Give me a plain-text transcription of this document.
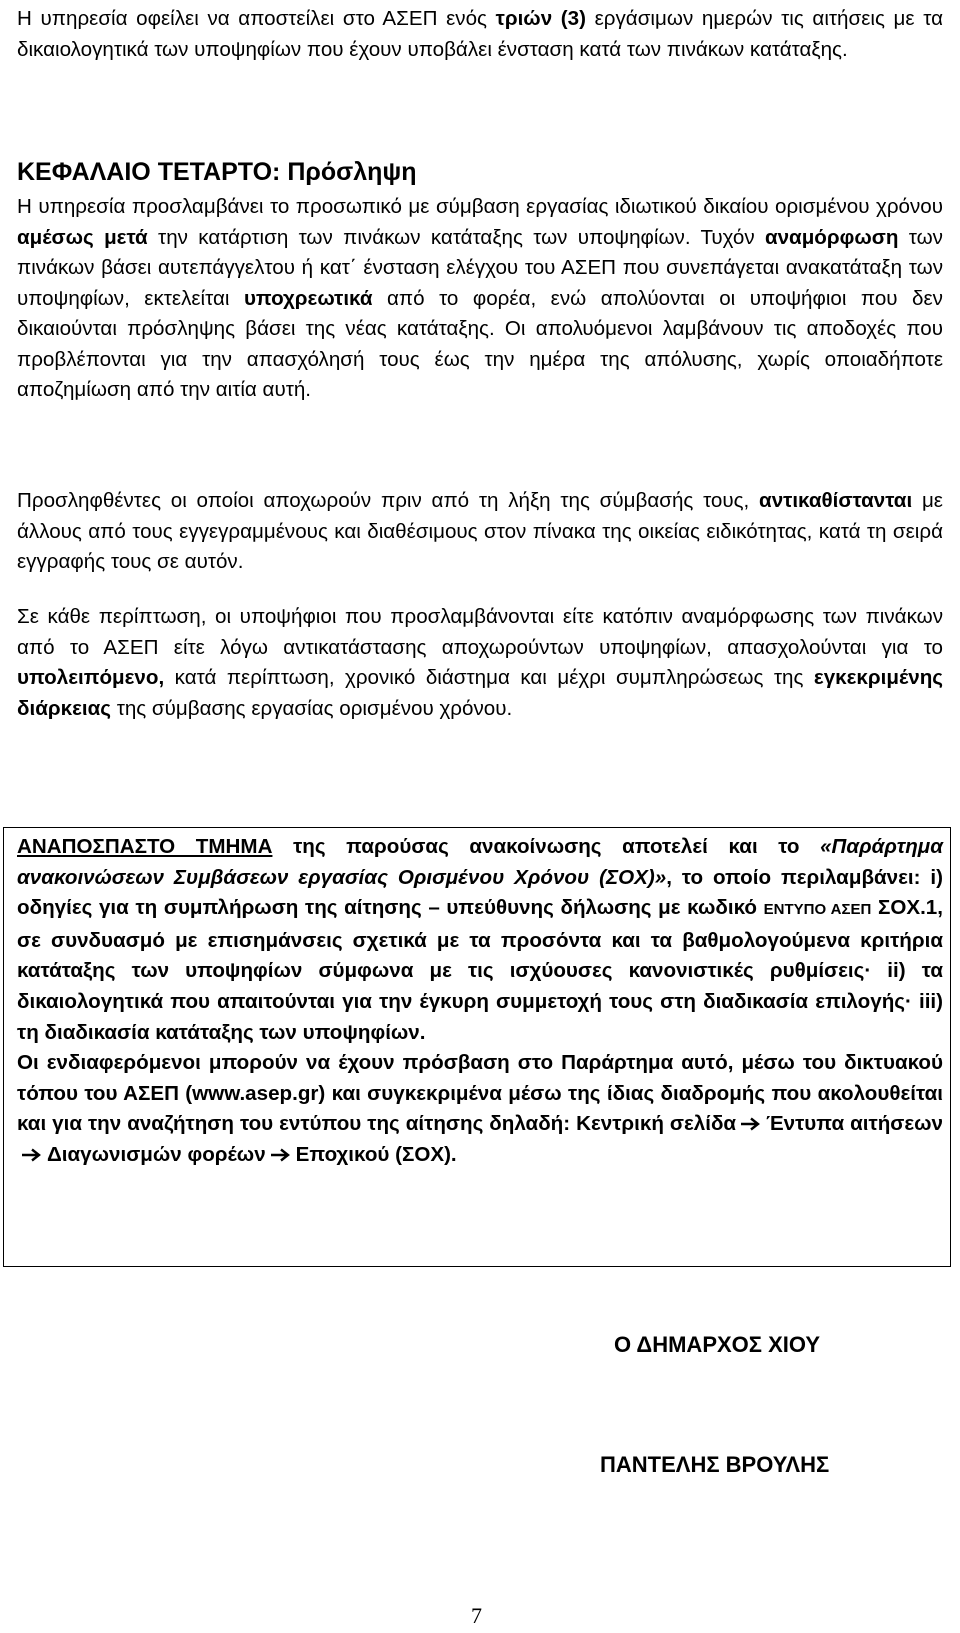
Η υπηρεσία οφείλει να αποστείλει στο ΑΣΕΠ ενός τριών (3) εργάσιμων ημερών τις αιτήσεις με τα δικαιολογητικά των υποψηφίων που έχουν υποβάλει ένσταση κατά των πινάκων κατάταξης.

ΚΕΦΑΛΑΙΟ ΤΕΤΑΡΤΟ: Πρόσληψη

Η υπηρεσία προσλαμβάνει το προσωπικό με σύμβαση εργασίας ιδιωτικού δικαίου ορισμένου χρόνου αμέσως μετά την κατάρτιση των πινάκων κατάταξης των υποψηφίων. Τυχόν αναμόρφωση των πινάκων βάσει αυτεπάγγελτου ή κατ΄ ένσταση ελέγχου του ΑΣΕΠ που συνεπάγεται ανακατάταξη των υποψηφίων, εκτελείται υποχρεωτικά από το φορέα, ενώ απολύονται οι υποψήφιοι που δεν δικαιούνται πρόσληψης βάσει της νέας κατάταξης. Οι απολυόμενοι λαμβάνουν τις αποδοχές που προβλέπονται για την απασχόλησή τους έως την ημέρα της απόλυσης, χωρίς οποιαδήποτε αποζημίωση από την αιτία αυτή.

Προσληφθέντες οι οποίοι αποχωρούν πριν από τη λήξη της σύμβασής τους, αντικαθίστανται με άλλους από τους εγγεγραμμένους και διαθέσιμους στον πίνακα της οικείας ειδικότητας, κατά τη σειρά εγγραφής τους σε αυτόν.

Σε κάθε περίπτωση, οι υποψήφιοι που προσλαμβάνονται είτε κατόπιν αναμόρφωσης των πινάκων από το ΑΣΕΠ είτε λόγω αντικατάστασης αποχωρούντων υποψηφίων, απασχολούνται για το υπολειπόμενο, κατά περίπτωση, χρονικό διάστημα και μέχρι συμπληρώσεως της εγκεκριμένης διάρκειας της σύμβασης εργασίας ορισμένου χρόνου.

ΑΝΑΠΟΣΠΑΣΤΟ ΤΜΗΜΑ της παρούσας ανακοίνωσης αποτελεί και το «Παράρτημα ανακοινώσεων Συμβάσεων εργασίας Ορισμένου Χρόνου (ΣΟΧ)», το οποίο περιλαμβάνει: i) οδηγίες για τη συμπλήρωση της αίτησης – υπεύθυνης δήλωσης με κωδικό ΕΝΤΥΠΟ ΑΣΕΠ ΣΟΧ.1, σε συνδυασμό με επισημάνσεις σχετικά με τα προσόντα και τα βαθμολογούμενα κριτήρια κατάταξης των υποψηφίων σύμφωνα με τις ισχύουσες κανονιστικές ρυθμίσεις· ii) τα δικαιολογητικά που απαιτούνται για την έγκυρη συμμετοχή τους στη διαδικασία επιλογής· iii) τη διαδικασία κατάταξης των υποψηφίων.

Οι ενδιαφερόμενοι μπορούν να έχουν πρόσβαση στο Παράρτημα αυτό, μέσω του δικτυακού τόπου του ΑΣΕΠ (www.asep.gr) και συγκεκριμένα μέσω της ίδιας διαδρομής που ακολουθείται και για την αναζήτηση του εντύπου της αίτησης δηλαδή: Κεντρική σελίδα Έντυπα αιτήσεωνΔιαγωνισμών φορέων Εποχικού (ΣΟΧ).

Ο ΔΗΜΑΡΧΟΣ ΧΙΟΥ

ΠΑΝΤΕΛΗΣ ΒΡΟΥΛΗΣ

7
